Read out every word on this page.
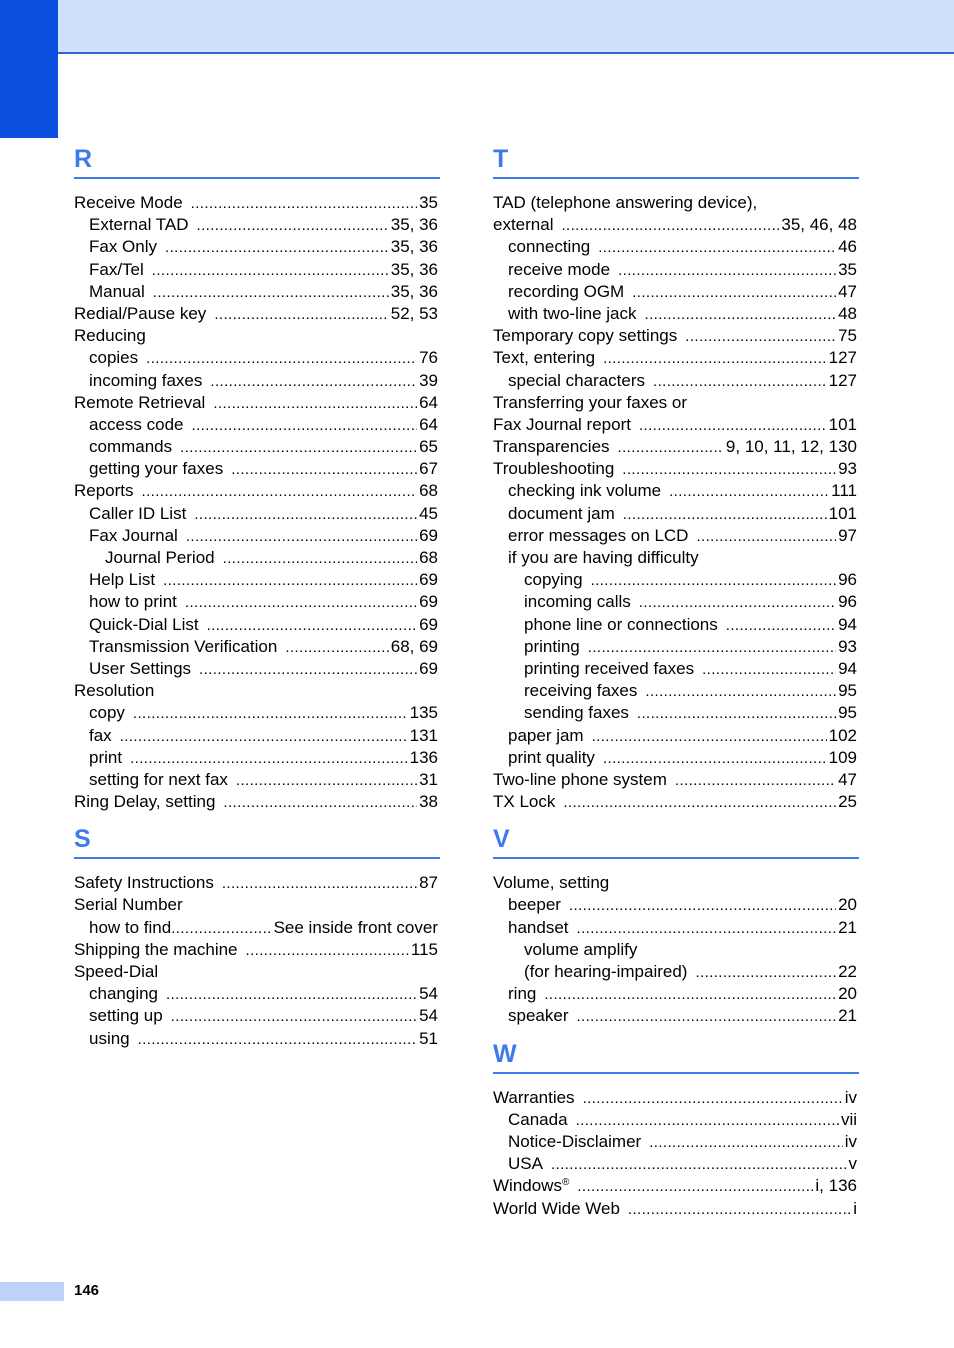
R
Receive Mode .....	35
External TAD .....	35, 36
Fax Only .....	35, 36
Fax/Tel .....	35, 36
Manual .....	35, 36
Redial/Pause key .....	52, 53
Reducing
copies .....	76
incoming faxes .....	39
Remote Retrieval .....	64
access code .....	64
commands .....	65
getting your faxes .....	67
Reports .....	68
Caller ID List .....	45
Fax Journal .....	69
Journal Period .....	68
Help List .....	69
how to print .....	69
Quick-Dial List .....	69
Transmission Verification .....	68, 69
User Settings .....	69
Resolution
copy .....	135
fax .....	131
print .....	136
setting for next fax .....	31
Ring Delay, setting .....	38
S
Safety Instructions .....	87
Serial Number
how to find .....	See inside front cover
Shipping the machine .....	115
Speed-Dial
changing .....	54
setting up .....	54
using .....	51
T
TAD (telephone answering device),
external .....	35, 46, 48
connecting .....	46
receive mode .....	35
recording OGM .....	47
with two-line jack .....	48
Temporary copy settings .....	75
Text, entering .....	127
special characters .....	127
Transferring your faxes or
Fax Journal report .....	101
Transparencies .....	9, 10, 11, 12, 130
Troubleshooting .....	93
checking ink volume .....	111
document jam .....	101
error messages on LCD .....	97
if you are having difficulty
copying .....	96
incoming calls .....	96
phone line or connections .....	94
printing .....	93
printing received faxes .....	94
receiving faxes .....	95
sending faxes .....	95
paper jam .....	102
print quality .....	109
Two-line phone system .....	47
TX Lock .....	25
V
Volume, setting
beeper .....	20
handset .....	21
volume amplify
(for hearing-impaired) .....	22
ring .....	20
speaker .....	21
W
Warranties .....	iv
Canada .....	vii
Notice-Disclaimer .....	iv
USA .....	v
Windows® .....	i, 136
World Wide Web .....	i
146
